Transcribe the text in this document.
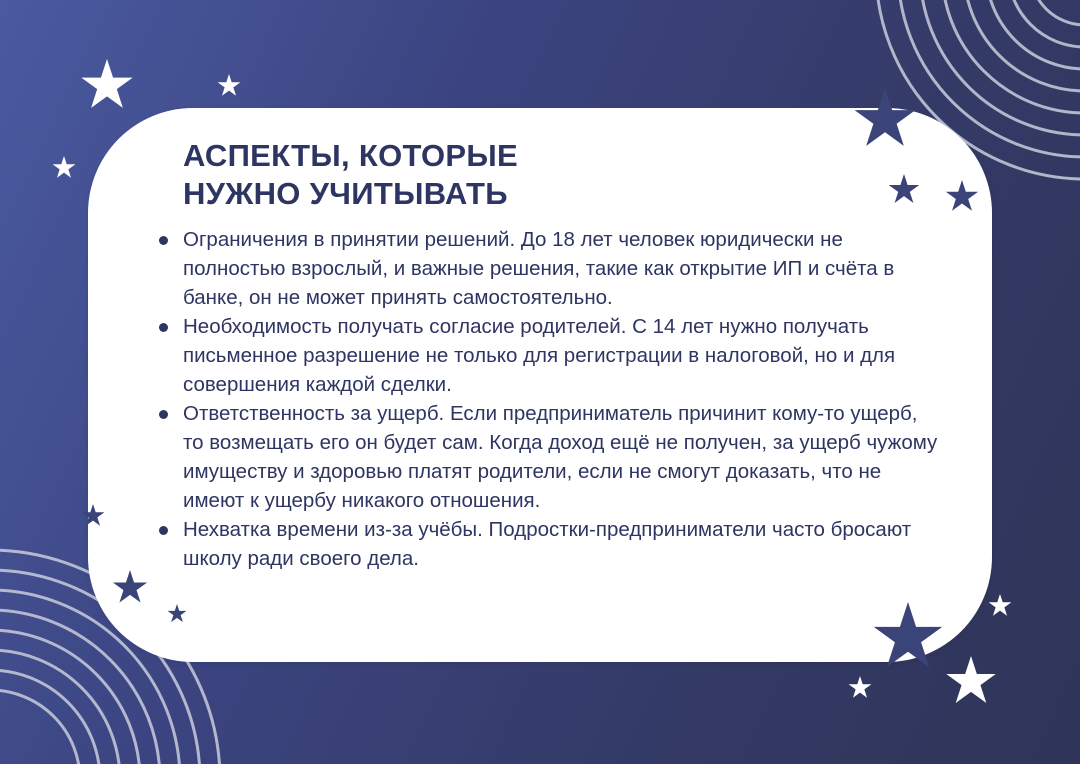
АСПЕКТЫ, КОТОРЫЕ
НУЖНО УЧИТЫВАТЬ
Ограничения в принятии решений. До 18 лет человек юридически не полностью взрослый, и важные решения, такие как открытие ИП и счёта в банке, он не может принять самостоятельно.
Необходимость получать согласие родителей. С 14 лет нужно получать письменное разрешение не только для регистрации в налоговой, но и для совершения каждой сделки.
Ответственность за ущерб. Если предприниматель причинит кому-то ущерб, то возмещать его он будет сам. Когда доход ещё не получен, за ущерб чужому имуществу и здоровью платят родители, если не смогут доказать, что не имеют к ущербу никакого отношения.
Нехватка времени из-за учёбы. Подростки-предприниматели часто бросают школу ради своего дела.
